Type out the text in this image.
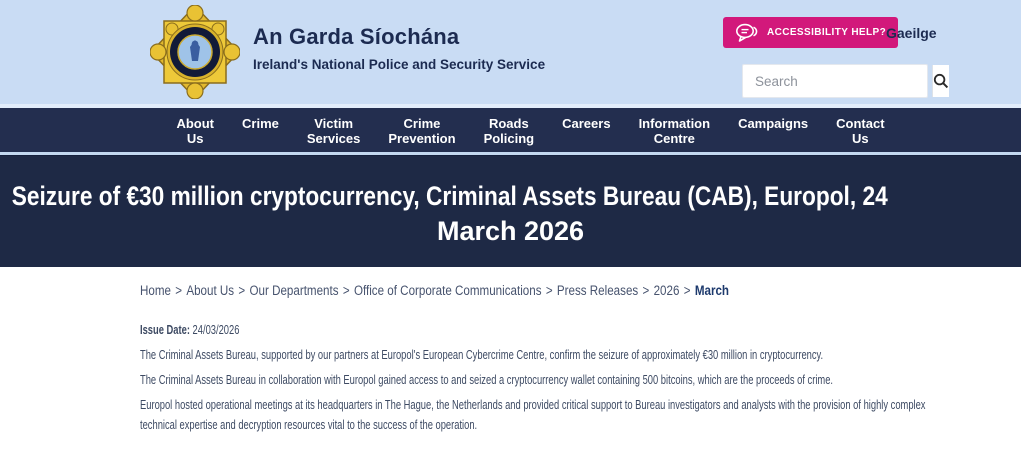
An Garda Síochána
Ireland's National Police and Security Service
ACCESSIBILITY HELP? Gaeilge
Search
About Us
Crime	Victim Services
Crime Prevention
Roads Policing
Careers Information Centre
Campaigns Contact Us
Seizure of €30 million cryptocurrency, Criminal Assets Bureau (CAB), Europol, 24
March 2026
Home > About Us > Our Departments > Office of Corporate Communications > Press Releases > 2026 > March

Issue Date: 24/03/2026

The Criminal Assets Bureau, supported by our partners at Europol's European Cybercrime Centre, confirm the seizure of approximately €30 million in cryptocurrency.

The Criminal Assets Bureau in collaboration with Europol gained access to and seized a cryptocurrency wallet containing 500 bitcoins, which are the proceeds of crime.

Europol hosted operational meetings at its headquarters in The Hague, the Netherlands and provided critical support to Bureau investigators and analysts with the provision of highly complex technical expertise and decryption resources vital to the success of the operation.
